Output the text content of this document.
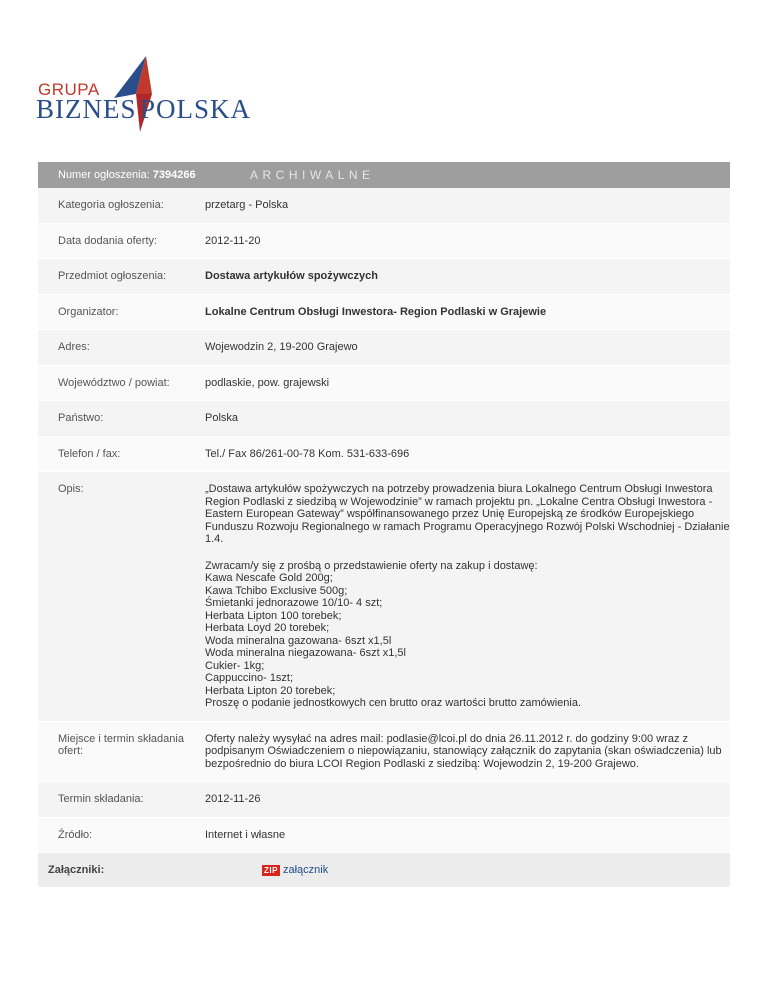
GRUPA
BIZNES POLSKA
Numer ogłoszenia: 7394266	ARCHIWALNE
Kategoria ogłoszenia:	przetarg - Polska
Data dodania oferty:	2012-11-20
Przedmiot ogłoszenia:	Dostawa artykułów spożywczych
Organizator:	Lokalne Centrum Obsługi Inwestora- Region Podlaski w Grajewie
Adres:	Wojewodzin 2, 19-200 Grajewo
Województwo / powiat:	podlaskie, pow. grajewski
Państwo:	Polska
Telefon / fax:	Tel./ Fax 86/261-00-78 Kom. 531-633-696
Opis:	„Dostawa artykułów spożywczych na potrzeby prowadzenia biura Lokalnego Centrum Obsługi Inwestora Region Podlaski z siedzibą w Wojewodzinie” w ramach projektu pn. „Lokalne Centra Obsługi Inwestora - Eastern European Gateway” współfinansowanego przez Unię Europejską ze środków Europejskiego Funduszu Rozwoju Regionalnego w ramach Programu Operacyjnego Rozwój Polski Wschodniej - Działanie 1.4.

Zwracam/y się z prośbą o przedstawienie oferty na zakup i dostawę:

Kawa Nescafe Gold 200g;

Kawa Tchibo Exclusive 500g;

Śmietanki jednorazowe 10/10- 4 szt;

Herbata Lipton 100 torebek;

Herbata Loyd 20 torebek;

Woda mineralna gazowana- 6szt x1,5l

Woda mineralna niegazowana- 6szt x1,5l

Cukier- 1kg;

Cappuccino- 1szt;

Herbata Lipton 20 torebek;

Proszę o podanie jednostkowych cen brutto oraz wartości brutto zamówienia.

Miejsce i termin składania ofert:
Oferty należy wysyłać na adres mail: podlasie@lcoi.pl do dnia 26.11.2012 r. do godziny 9:00 wraz z podpisanym Oświadczeniem o niepowiązaniu, stanowiący załącznik do zapytania (skan oświadczenia) lub bezpośrednio do biura LCOI Region Podlaski z siedzibą: Wojewodzin 2, 19-200 Grajewo.
Termin składania:	2012-11-26
Źródło:	Internet i własne
Załączniki:	ZIP załącznik
